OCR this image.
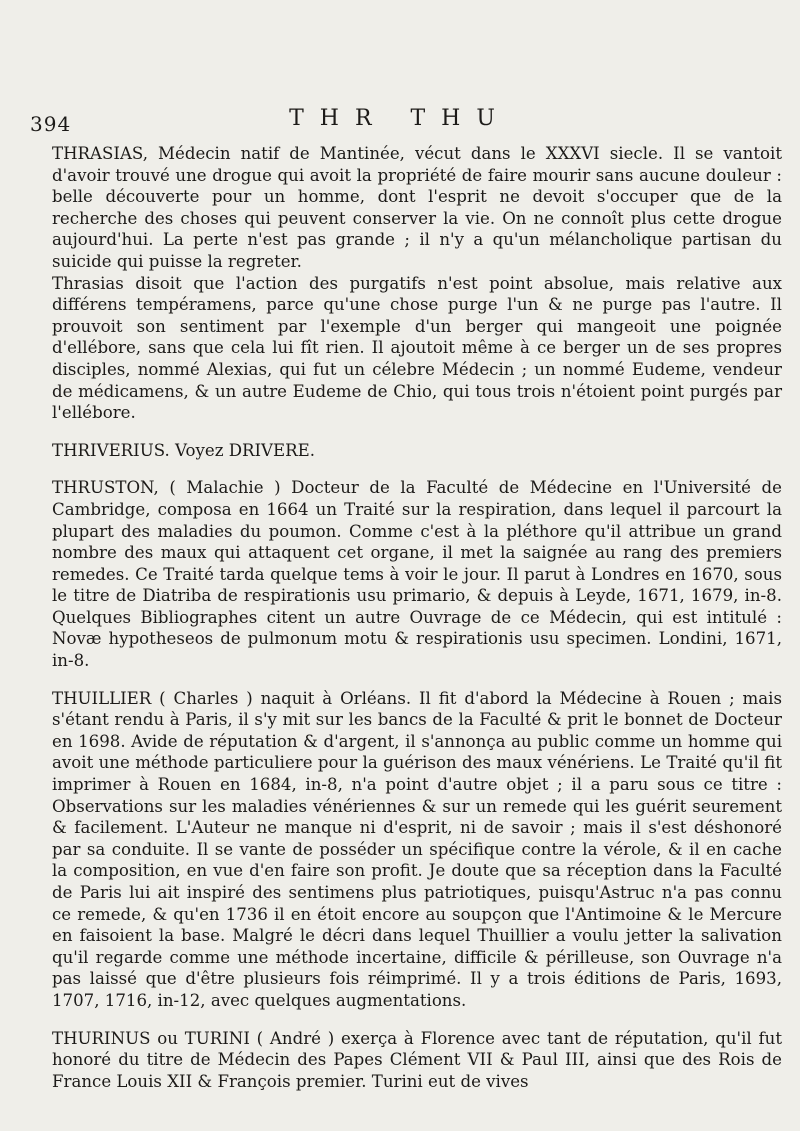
394	THR THU
THRASIAS, Médecin natif de Mantinée, vécut dans le XXXVI siecle. Il se vantoit d'avoir trouvé une drogue qui avoit la propriété de faire mourir sans aucune douleur : belle découverte pour un homme, dont l'esprit ne devoit s'occuper que de la recherche des choses qui peuvent conserver la vie. On ne connoît plus cette drogue aujourd'hui. La perte n'est pas grande ; il n'y a qu'un mélancholique partisan du suicide qui puisse la regreter.
Thrasias disoit que l'action des purgatifs n'est point absolue, mais relative aux différens tempéramens, parce qu'une chose purge l'un & ne purge pas l'autre. Il prouvoit son sentiment par l'exemple d'un berger qui mangeoit une poignée d'ellébore, sans que cela lui fît rien. Il ajoutoit même à ce berger un de ses propres disciples, nommé Alexias, qui fut un célebre Médecin ; un nommé Eudeme, vendeur de médicamens, & un autre Eudeme de Chio, qui tous trois n'étoient point purgés par l'ellébore.
THRIVERIUS. Voyez DRIVERE.
THRUSTON, ( Malachie ) Docteur de la Faculté de Médecine en l'Université de Cambridge, composa en 1664 un Traité sur la respiration, dans lequel il parcourt la plupart des maladies du poumon. Comme c'est à la pléthore qu'il attribue un grand nombre des maux qui attaquent cet organe, il met la saignée au rang des premiers remedes. Ce Traité tarda quelque tems à voir le jour. Il parut à Londres en 1670, sous le titre de Diatriba de respirationis usu primario, & depuis à Leyde, 1671, 1679, in-8. Quelques Bibliographes citent un autre Ouvrage de ce Médecin, qui est intitulé : Novæ hypotheseos de pulmonum motu & respirationis usu specimen. Londini, 1671, in-8.
THUILLIER ( Charles ) naquit à Orléans. Il fit d'abord la Médecine à Rouen ; mais s'étant rendu à Paris, il s'y mit sur les bancs de la Faculté & prit le bonnet de Docteur en 1698. Avide de réputation & d'argent, il s'annonça au public comme un homme qui avoit une méthode particuliere pour la guérison des maux vénériens. Le Traité qu'il fit imprimer à Rouen en 1684, in-8, n'a point d'autre objet ; il a paru sous ce titre : Observations sur les maladies vénériennes & sur un remede qui les guérit seurement & facilement. L'Auteur ne manque ni d'esprit, ni de savoir ; mais il s'est déshonoré par sa conduite. Il se vante de posséder un spécifique contre la vérole, & il en cache la composition, en vue d'en faire son profit. Je doute que sa réception dans la Faculté de Paris lui ait inspiré des sentimens plus patriotiques, puisqu'Astruc n'a pas connu ce remede, & qu'en 1736 il en étoit encore au soupçon que l'Antimoine & le Mercure en faisoient la base. Malgré le décri dans lequel Thuillier a voulu jetter la salivation qu'il regarde comme une méthode incertaine, difficile & périlleuse, son Ouvrage n'a pas laissé que d'être plusieurs fois réimprimé. Il y a trois éditions de Paris, 1693, 1707, 1716, in-12, avec quelques augmentations.
THURINUS ou TURINI ( André ) exerça à Florence avec tant de réputation, qu'il fut honoré du titre de Médecin des Papes Clément VII & Paul III, ainsi que des Rois de France Louis XII & François premier. Turini eut de vives
